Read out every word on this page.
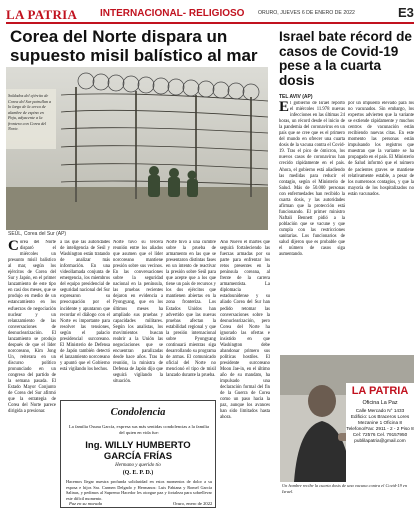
LA PATRIA INTERNACIONAL- RELIGIOSO	ORURO, JUEVES 6 DE ENERO DE 2022	E3
Corea del Norte dispara un supuesto misil balístico al mar
Soldados del ejército de Corea del Sur patrullan a lo largo de la cerca de alambre de espino en Paju, adyacente a la frontera con Corea del Norte.
SEÚL, Corea del Sur (AP)
Corea del Norte disparó el miércoles un presunto misil balístico al mar, según los ejércitos de Corea del Sur y Japón, en el primer lanzamiento de este tipo en casi dos meses, que se produjo en medio de un estancamiento en los esfuerzos de negociación nuclear y un relanzamiento de las conversaciones de desnuclearización. El lanzamiento se produjo después de que el líder norcoreano, Kim Jong Un, reiterara en un discurso político pronunciado en un congreso del partido de la semana pasada. El Estado Mayor Conjunto de Corea del Sur afirmó que la estrategia de Corea del Norte parece dirigida a presionar.
a las que las autoridades de inteligencia de Seúl y Washington están tratando de analizar más información. En una videollamada conjunta de emergencia, los miembros del equipo presidencial de seguridad nacional del Sur expresaron su preocupación por el incidente y apuntaron que recordar el diálogo con el Norte es importante para resolver las tensiones, según el palacio presidencial surcoreano. El Ministerio de Defensa de Japón también detectó el lanzamiento norcoreano y apuntó que el Gobierno está vigilando los hechos.
Norte tuvo su tercera reunión entre los aliados que asumen que el líder norcoreano mantiene presión sobre sus vecinos. En las conversaciones sobre la seguridad nacional en la península, las pruebas recientes dejaron en evidencia a Pyongyang, que en los últimos meses ha ampliado sus pruebas y capacidades militares. Según los analistas, los movimientos buscan reabrir a la Unión las negociaciones que se encuentran paralizadas desde hace años. Tras la reunión, la ministra de Defensa de Japón dijo que seguirá vigilando la situación.
Norte tuvo a una cumbre sobre la prueba de armamento en las que se presentaron distintas fases en un intento de reactivar la presión sobre Seúl para que acepte que a los que tiene un país de recursos y los dos ejércitos que mantienen abiertas en la zona fronteriza. Los Estados Unidos han advertido que las nuevas pruebas afectan la estabilidad regional y que la presión internacional sobre Pyongyang continuará mientras siga desarrollando su programa de armas. El comunicado oficial del Norte no mencionó el tipo de misil lanzado durante la prueba.
Año Nuevo el martes que seguirá fortaleciendo las fuerzas armadas por su parte para enfrentar los retos presentes en la península coreana, al frente de la carrera armamentista. La diplomacia estadounidense y su aliado Corea del Sur han pedido retomar las conversaciones sobre la desnuclearización, pero Corea del Norte ha ignorado las ofertas e insistido en que Washington debe abandonar primero sus políticas hostiles. El presidente surcoreano Moon Jae-in, en el último año de su mandato, ha impulsado una declaración formal del fin de la Guerra de Corea como un paso hacia la paz, aunque los avances han sido limitados hasta ahora.
Condolencia
La familia Osuna García, expresa sus más sentidas condolencias a la familia del quien en vida fue:
Ing. WILLY HUMBERTO
GARCÍA FRÍAS
Hermano y querido tío
(Q. E. P. D.)
Hacemos llegar nuestra profunda solidaridad en estos momentos de dolor a su esposa e hijos Sra. Carmen Delgado y Hermanos: Luis Fabiana y Romel García Salinas, y pedimos al Supremo Hacedor les otorgue paz y fortaleza para sobrellevar este difícil momento.
Paz en su morada	Oruro, enero de 2022
Israel bate récord de casos de Covid-19 pese a la cuarta dosis
TEL AVIV (AP)
El gobierno de Israel reportó el miércoles 11.978 nuevas infecciones en las últimas 24 horas, un récord desde el inicio de la pandemia del coronavirus en un país que se cree que es el primero del mundo en ofrecer una cuarta dosis de la vacuna contra el Covid-19. Tras el pico de ómicron, los nuevos casos de coronavirus han crecido rápidamente en el país. Ahora, el gobierno está añadiendo las medidas para reducir el contagio, según el Ministerio de Salud. Más de 50.000 personas con enfermedades han recibido la cuarta dosis, y las autoridades afirman que la protección está funcionando. El primer ministro Naftali Bennett pidió a la población que se vacune y que cumpla con las restricciones sanitarias. Los funcionarios de salud dijeron que es probable que el número de casos siga aumentando.
por un impuesto elevado para los no vacunados. Sin embargo, los expertos advierten que la variante se extiende rápidamente y muchos centros de vacunación están recibiendo nuevas citas. En este momento las personas están impulsando los registros que muestran que la variante se ha propagado en el país. El Ministerio de Salud informó que el número de pacientes graves se mantiene relativamente estable, a pesar de los numerosos contagios, y que la mayoría de los hospitalizados no están vacunados.
Un hombre recibe la cuarta dosis de una vacuna contra el Covid-19 en Israel.
LA PATRIA
Oficina La Paz
Calle Mercado N° 1433
Edificio: Los Braceros Lores Mezanine 1 Oficina 8
Telefono/Fax: 2911 - 2 - 2 Piso 8
Cel: 72576 Cel. 79157950
publilapatria@gmail.com
